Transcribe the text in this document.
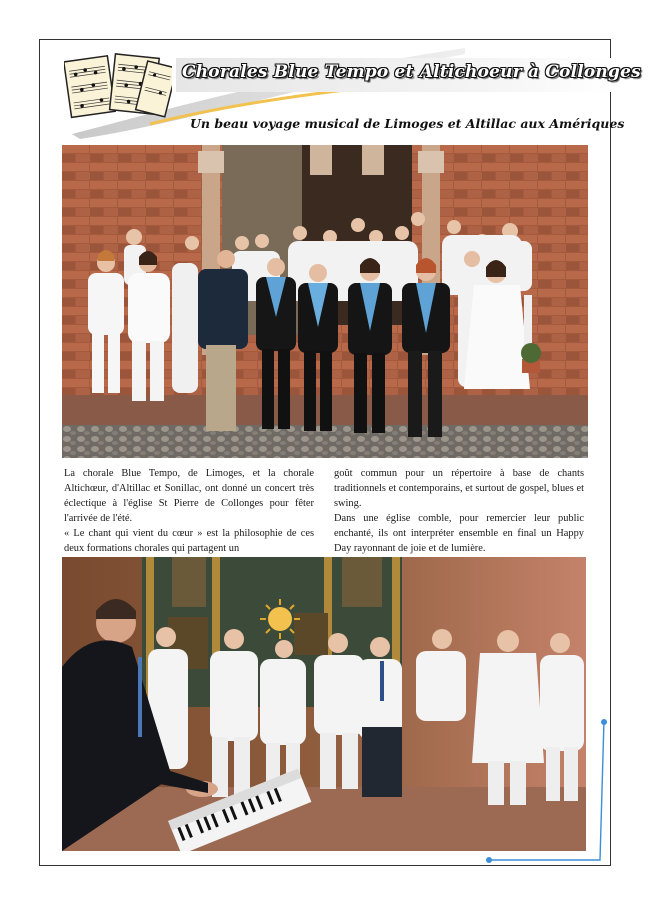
Chorales Blue Tempo et Altichoeur à Collonges
Un beau voyage musical de Limoges et Altillac aux Amériques

La chorale Blue Tempo, de Limoges, et la chorale Altichœur, d'Altillac et Sonillac, ont donné un concert très éclectique à l'église St Pierre de Collonges pour fêter l'arrivée de l'été.

« Le chant qui vient du cœur » est la philosophie de ces deux formations chorales qui partagent un

goût commun pour un répertoire à base de chants traditionnels et contemporains, et surtout de gospel, blues et swing.

Dans une église comble, pour remercier leur public enchanté, ils ont interpréter ensemble en final un Happy Day rayonnant de joie et de lumière.
